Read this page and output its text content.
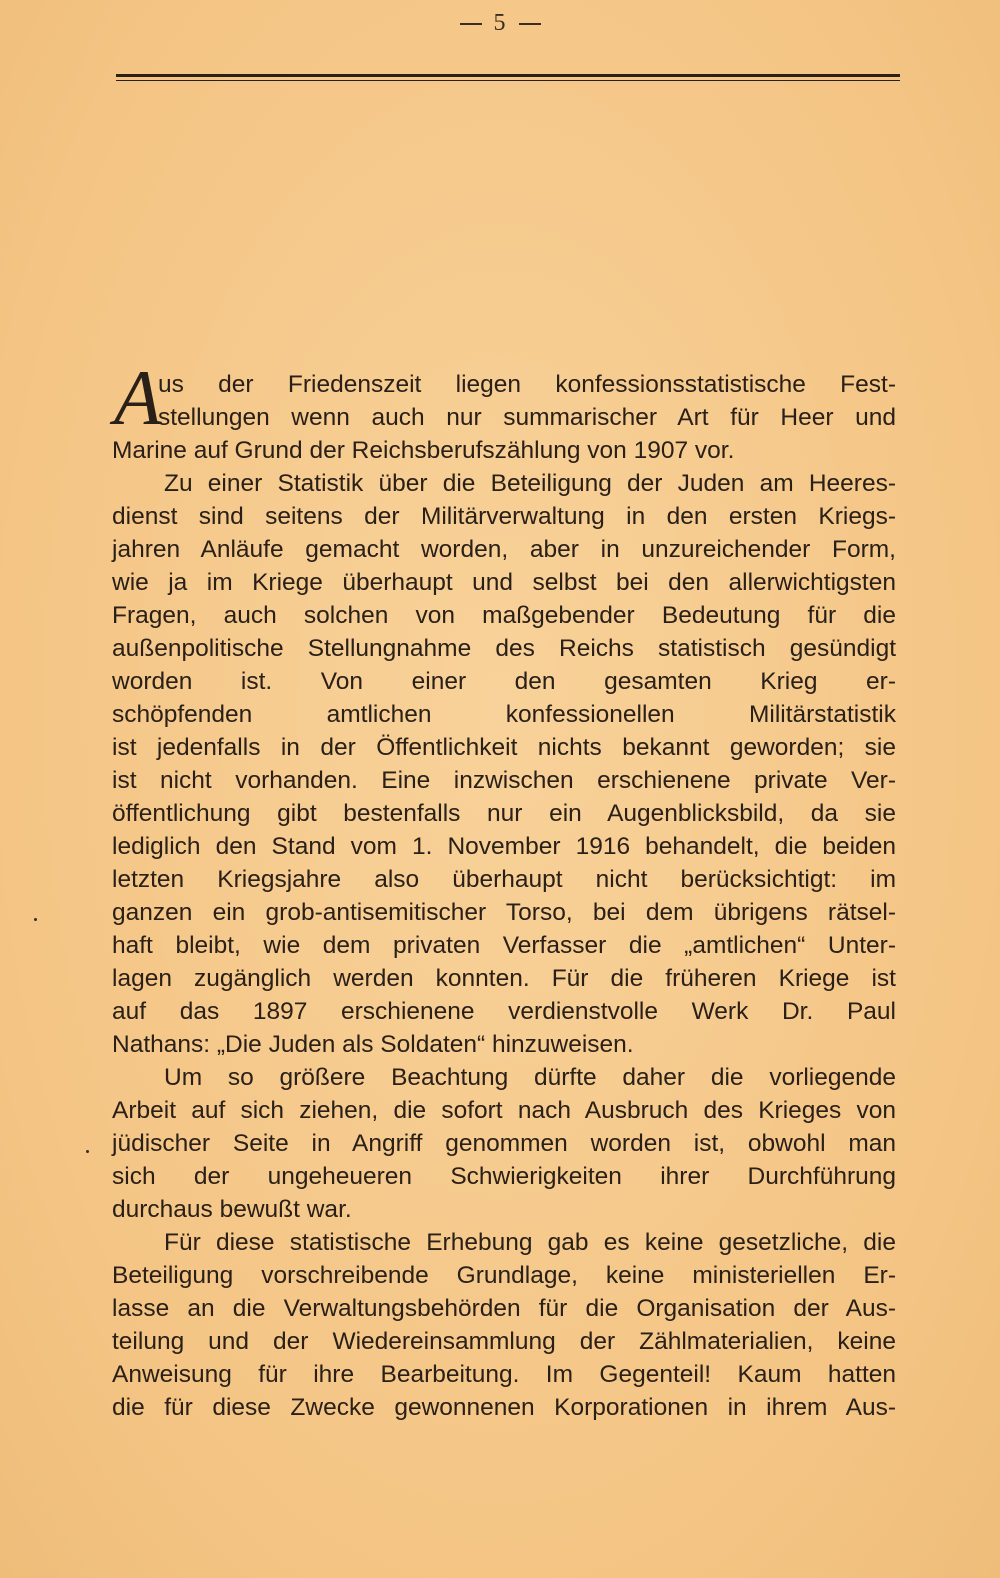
5
A
us der Friedenszeit liegen konfessionsstatistische Fest-
stellungen wenn auch nur summarischer Art für Heer und
Marine auf Grund der Reichsberufszählung von 1907 vor.
Zu einer Statistik über die Beteiligung der Juden am Heeres-
dienst sind seitens der Militärverwaltung in den ersten Kriegs-
jahren Anläufe gemacht worden, aber in unzureichender Form,
wie ja im Kriege überhaupt und selbst bei den allerwichtigsten
Fragen, auch solchen von maßgebender Bedeutung für die
außenpolitische Stellungnahme des Reichs statistisch gesündigt
worden ist. Von einer den gesamten Krieg er-
schöpfenden amtlichen konfessionellen Militärstatistik
ist jedenfalls in der Öffentlichkeit nichts bekannt geworden; sie
ist nicht vorhanden. Eine inzwischen erschienene private Ver-
öffentlichung gibt bestenfalls nur ein Augenblicksbild, da sie
lediglich den Stand vom 1. November 1916 behandelt, die beiden
letzten Kriegsjahre also überhaupt nicht berücksichtigt: im
ganzen ein grob-antisemitischer Torso, bei dem übrigens rätsel-
haft bleibt, wie dem privaten Verfasser die „amtlichen“ Unter-
lagen zugänglich werden konnten. Für die früheren Kriege ist
auf das 1897 erschienene verdienstvolle Werk Dr. Paul
Nathans: „Die Juden als Soldaten“ hinzuweisen.
Um so größere Beachtung dürfte daher die vorliegende
Arbeit auf sich ziehen, die sofort nach Ausbruch des Krieges von
jüdischer Seite in Angriff genommen worden ist, obwohl man
sich der ungeheueren Schwierigkeiten ihrer Durchführung
durchaus bewußt war.
Für diese statistische Erhebung gab es keine gesetzliche, die
Beteiligung vorschreibende Grundlage, keine ministeriellen Er-
lasse an die Verwaltungsbehörden für die Organisation der Aus-
teilung und der Wiedereinsammlung der Zählmaterialien, keine
Anweisung für ihre Bearbeitung. Im Gegenteil! Kaum hatten
die für diese Zwecke gewonnenen Korporationen in ihrem Aus-
